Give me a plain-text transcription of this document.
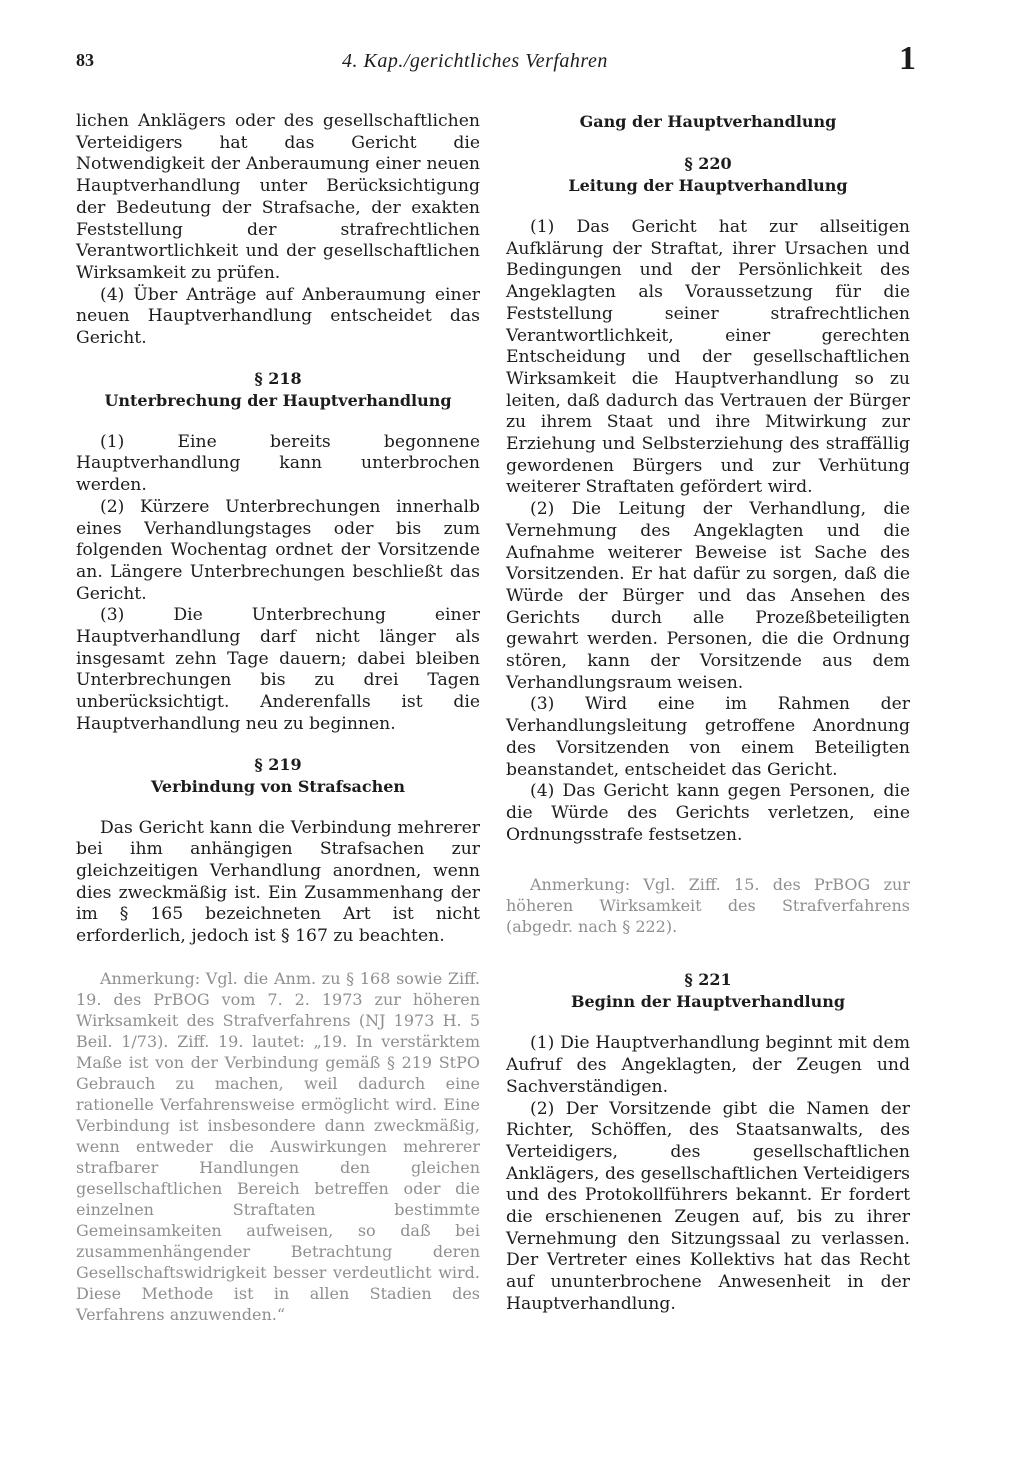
83	4. Kap./gerichtliches Verfahren	1

lichen Anklägers oder des gesellschaftlichen Verteidigers hat das Gericht die Notwendigkeit der Anberaumung einer neuen Hauptverhandlung unter Berücksichtigung der Bedeutung der Strafsache, der exakten Feststellung der strafrechtlichen Verantwortlichkeit und der gesellschaftlichen Wirksamkeit zu prüfen.

(4) Über Anträge auf Anberaumung einer neuen Hauptverhandlung entscheidet das Gericht.

§ 218
Unterbrechung der Hauptverhandlung

(1) Eine bereits begonnene Hauptverhandlung kann unterbrochen werden.

(2) Kürzere Unterbrechungen innerhalb eines Verhandlungstages oder bis zum folgenden Wochentag ordnet der Vorsitzende an. Längere Unterbrechungen beschließt das Gericht.

(3) Die Unterbrechung einer Hauptverhandlung darf nicht länger als insgesamt zehn Tage dauern; dabei bleiben Unterbrechungen bis zu drei Tagen unberücksichtigt. Anderenfalls ist die Hauptverhandlung neu zu beginnen.

§ 219
Verbindung von Strafsachen

Das Gericht kann die Verbindung mehrerer bei ihm anhängigen Strafsachen zur gleichzeitigen Verhandlung anordnen, wenn dies zweckmäßig ist. Ein Zusammenhang der im § 165 bezeichneten Art ist nicht erforderlich, jedoch ist § 167 zu beachten.

Anmerkung: Vgl. die Anm. zu § 168 sowie Ziff. 19. des PrBOG vom 7. 2. 1973 zur höheren Wirksamkeit des Strafverfahrens (NJ 1973 H. 5 Beil. 1/73). Ziff. 19. lautet: „19. In verstärktem Maße ist von der Verbindung gemäß § 219 StPO Gebrauch zu machen, weil dadurch eine rationelle Verfahrensweise ermöglicht wird. Eine Verbindung ist insbesondere dann zweckmäßig, wenn entweder die Auswirkungen mehrerer strafbarer Handlungen den gleichen gesellschaftlichen Bereich betreffen oder die einzelnen Straftaten bestimmte Gemeinsamkeiten aufweisen, so daß bei zusammenhängender Betrachtung deren Gesellschaftswidrigkeit besser verdeutlicht wird. Diese Methode ist in allen Stadien des Verfahrens anzuwenden.“
Gang der Hauptverhandlung
§ 220
Leitung der Hauptverhandlung

(1) Das Gericht hat zur allseitigen Aufklärung der Straftat, ihrer Ursachen und Bedingungen und der Persönlichkeit des Angeklagten als Voraussetzung für die Feststellung seiner strafrechtlichen Verantwortlichkeit, einer gerechten Entscheidung und der gesellschaftlichen Wirksamkeit die Hauptverhandlung so zu leiten, daß dadurch das Vertrauen der Bürger zu ihrem Staat und ihre Mitwirkung zur Erziehung und Selbsterziehung des straffällig gewordenen Bürgers und zur Verhütung weiterer Straftaten gefördert wird.

(2) Die Leitung der Verhandlung, die Vernehmung des Angeklagten und die Aufnahme weiterer Beweise ist Sache des Vorsitzenden. Er hat dafür zu sorgen, daß die Würde der Bürger und das Ansehen des Gerichts durch alle Prozeßbeteiligten gewahrt werden. Personen, die die Ordnung stören, kann der Vorsitzende aus dem Verhandlungsraum weisen.

(3) Wird eine im Rahmen der Verhandlungsleitung getroffene Anordnung des Vorsitzenden von einem Beteiligten beanstandet, entscheidet das Gericht.

(4) Das Gericht kann gegen Personen, die die Würde des Gerichts verletzen, eine Ordnungsstrafe festsetzen.

Anmerkung: Vgl. Ziff. 15. des PrBOG zur höheren Wirksamkeit des Strafverfahrens (abgedr. nach § 222).
§ 221
Beginn der Hauptverhandlung

(1) Die Hauptverhandlung beginnt mit dem Aufruf des Angeklagten, der Zeugen und Sachverständigen.

(2) Der Vorsitzende gibt die Namen der Richter, Schöffen, des Staatsanwalts, des Verteidigers, des gesellschaftlichen Anklägers, des gesellschaftlichen Verteidigers und des Protokollführers bekannt. Er fordert die erschienenen Zeugen auf, bis zu ihrer Vernehmung den Sitzungssaal zu verlassen. Der Vertreter eines Kollektivs hat das Recht auf ununterbrochene Anwesenheit in der Hauptverhandlung.
